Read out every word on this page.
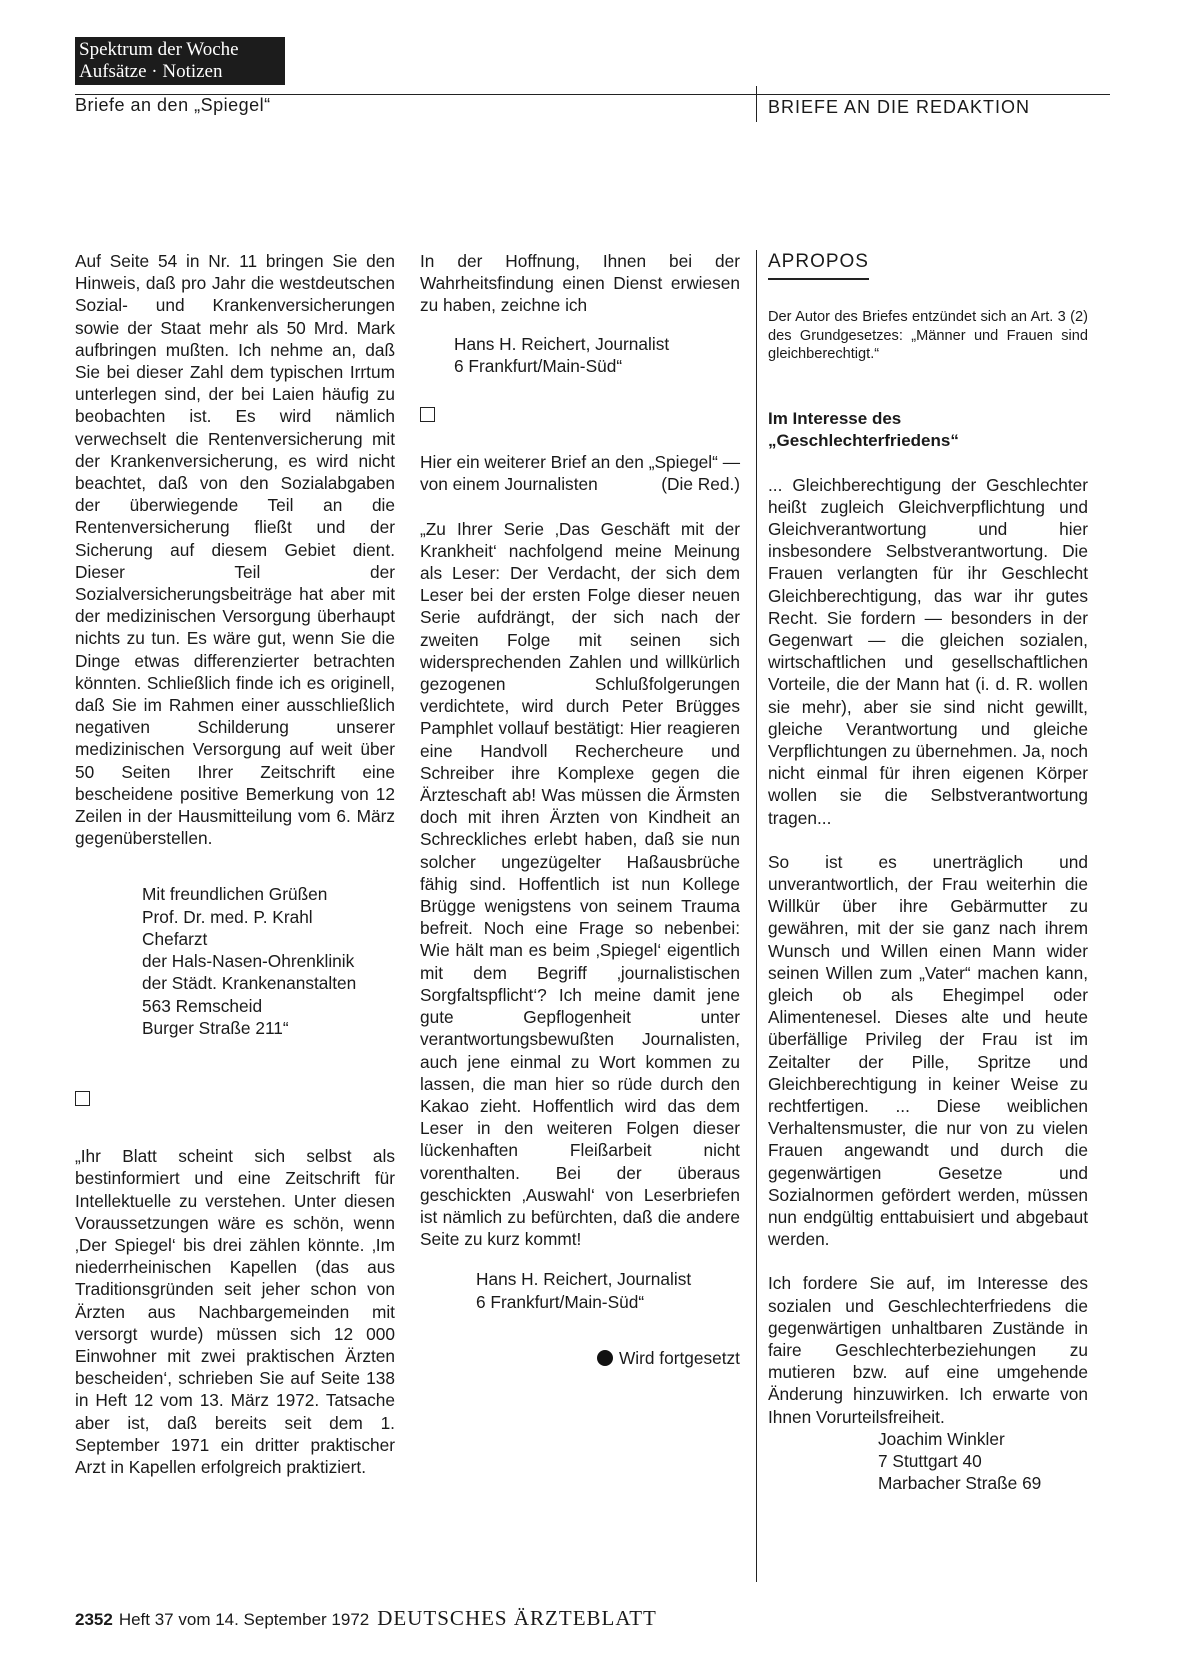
Spektrum der Woche
Aufsätze · Notizen
Briefe an den „Spiegel“	BRIEFE AN DIE REDAKTION

Auf Seite 54 in Nr. 11 bringen Sie den Hinweis, daß pro Jahr die westdeutschen Sozial- und Krankenversicherungen sowie der Staat mehr als 50 Mrd. Mark aufbringen mußten. Ich nehme an, daß Sie bei dieser Zahl dem typischen Irrtum unterlegen sind, der bei Laien häufig zu beobachten ist. Es wird nämlich verwechselt die Rentenversicherung mit der Krankenversicherung, es wird nicht beachtet, daß von den Sozialabgaben der überwiegende Teil an die Rentenversicherung fließt und der Sicherung auf diesem Gebiet dient. Dieser Teil der Sozialversicherungsbeiträge hat aber mit der medizinischen Versorgung überhaupt nichts zu tun. Es wäre gut, wenn Sie die Dinge etwas differenzierter betrachten könnten. Schließlich finde ich es originell, daß Sie im Rahmen einer ausschließlich negativen Schilderung unserer medizinischen Versorgung auf weit über 50 Seiten Ihrer Zeitschrift eine bescheidene positive Bemerkung von 12 Zeilen in der Hausmitteilung vom 6. März gegenüberstellen.

Mit freundlichen Grüßen
Prof. Dr. med. P. Krahl
Chefarzt
der Hals-Nasen-Ohrenklinik
der Städt. Krankenanstalten
563 Remscheid
Burger Straße 211“

„Ihr Blatt scheint sich selbst als bestinformiert und eine Zeitschrift für Intellektuelle zu verstehen. Unter diesen Voraussetzungen wäre es schön, wenn ‚Der Spiegel‘ bis drei zählen könnte. ‚Im niederrheinischen Kapellen (das aus Traditionsgründen seit jeher schon von Ärzten aus Nachbargemeinden mit versorgt wurde) müssen sich 12 000 Einwohner mit zwei praktischen Ärzten bescheiden‘, schrieben Sie auf Seite 138 in Heft 12 vom 13. März 1972. Tatsache aber ist, daß bereits seit dem 1. September 1971 ein dritter praktischer Arzt in Kapellen erfolgreich praktiziert.

In der Hoffnung, Ihnen bei der Wahrheitsfindung einen Dienst erwiesen zu haben, zeichne ich

Hans H. Reichert, Journalist
6 Frankfurt/Main-Süd“

Hier ein weiterer Brief an den „Spiegel“ — von einem Journalisten	(Die Red.)

„Zu Ihrer Serie ‚Das Geschäft mit der Krankheit‘ nachfolgend meine Meinung als Leser: Der Verdacht, der sich dem Leser bei der ersten Folge dieser neuen Serie aufdrängt, der sich nach der zweiten Folge mit seinen sich widersprechenden Zahlen und willkürlich gezogenen Schlußfolgerungen verdichtete, wird durch Peter Brügges Pamphlet vollauf bestätigt: Hier reagieren eine Handvoll Rechercheure und Schreiber ihre Komplexe gegen die Ärzteschaft ab! Was müssen die Ärmsten doch mit ihren Ärzten von Kindheit an Schreckliches erlebt haben, daß sie nun solcher ungezügelter Haßausbrüche fähig sind. Hoffentlich ist nun Kollege Brügge wenigstens von seinem Trauma befreit. Noch eine Frage so nebenbei: Wie hält man es beim ‚Spiegel‘ eigentlich mit dem Begriff ‚journalistischen Sorgfaltspflicht‘? Ich meine damit jene gute Gepflogenheit unter verantwortungsbewußten Journalisten, auch jene einmal zu Wort kommen zu lassen, die man hier so rüde durch den Kakao zieht. Hoffentlich wird das dem Leser in den weiteren Folgen dieser lückenhaften Fleißarbeit nicht vorenthalten. Bei der überaus geschickten ‚Auswahl‘ von Leserbriefen ist nämlich zu befürchten, daß die andere Seite zu kurz kommt!

Hans H. Reichert, Journalist
6 Frankfurt/Main-Süd“
Wird fortgesetzt
APROPOS

Der Autor des Briefes entzündet sich an Art. 3 (2) des Grundgesetzes: „Männer und Frauen sind gleichberechtigt.“

Im Interesse des
„Geschlechterfriedens“

... Gleichberechtigung der Geschlechter heißt zugleich Gleichverpflichtung und Gleichverantwortung und hier insbesondere Selbstverantwortung. Die Frauen verlangten für ihr Geschlecht Gleichberechtigung, das war ihr gutes Recht. Sie fordern — besonders in der Gegenwart — die gleichen sozialen, wirtschaftlichen und gesellschaftlichen Vorteile, die der Mann hat (i. d. R. wollen sie mehr), aber sie sind nicht gewillt, gleiche Verantwortung und gleiche Verpflichtungen zu übernehmen. Ja, noch nicht einmal für ihren eigenen Körper wollen sie die Selbstverantwortung tragen...

So ist es unerträglich und unverantwortlich, der Frau weiterhin die Willkür über ihre Gebärmutter zu gewähren, mit der sie ganz nach ihrem Wunsch und Willen einen Mann wider seinen Willen zum „Vater“ machen kann, gleich ob als Ehegimpel oder Alimentenesel. Dieses alte und heute überfällige Privileg der Frau ist im Zeitalter der Pille, Spritze und Gleichberechtigung in keiner Weise zu rechtfertigen. ... Diese weiblichen Verhaltensmuster, die nur von zu vielen Frauen angewandt und durch die gegenwärtigen Gesetze und Sozialnormen gefördert werden, müssen nun endgültig enttabuisiert und abgebaut werden.

Ich fordere Sie auf, im Interesse des sozialen und Geschlechterfriedens die gegenwärtigen unhaltbaren Zustände in faire Geschlechterbeziehungen zu mutieren bzw. auf eine umgehende Änderung hinzuwirken. Ich erwarte von Ihnen Vorurteilsfreiheit.

Joachim Winkler
7 Stuttgart 40
Marbacher Straße 69
2352 Heft 37 vom 14. September 1972 DEUTSCHES ÄRZTEBLATT
